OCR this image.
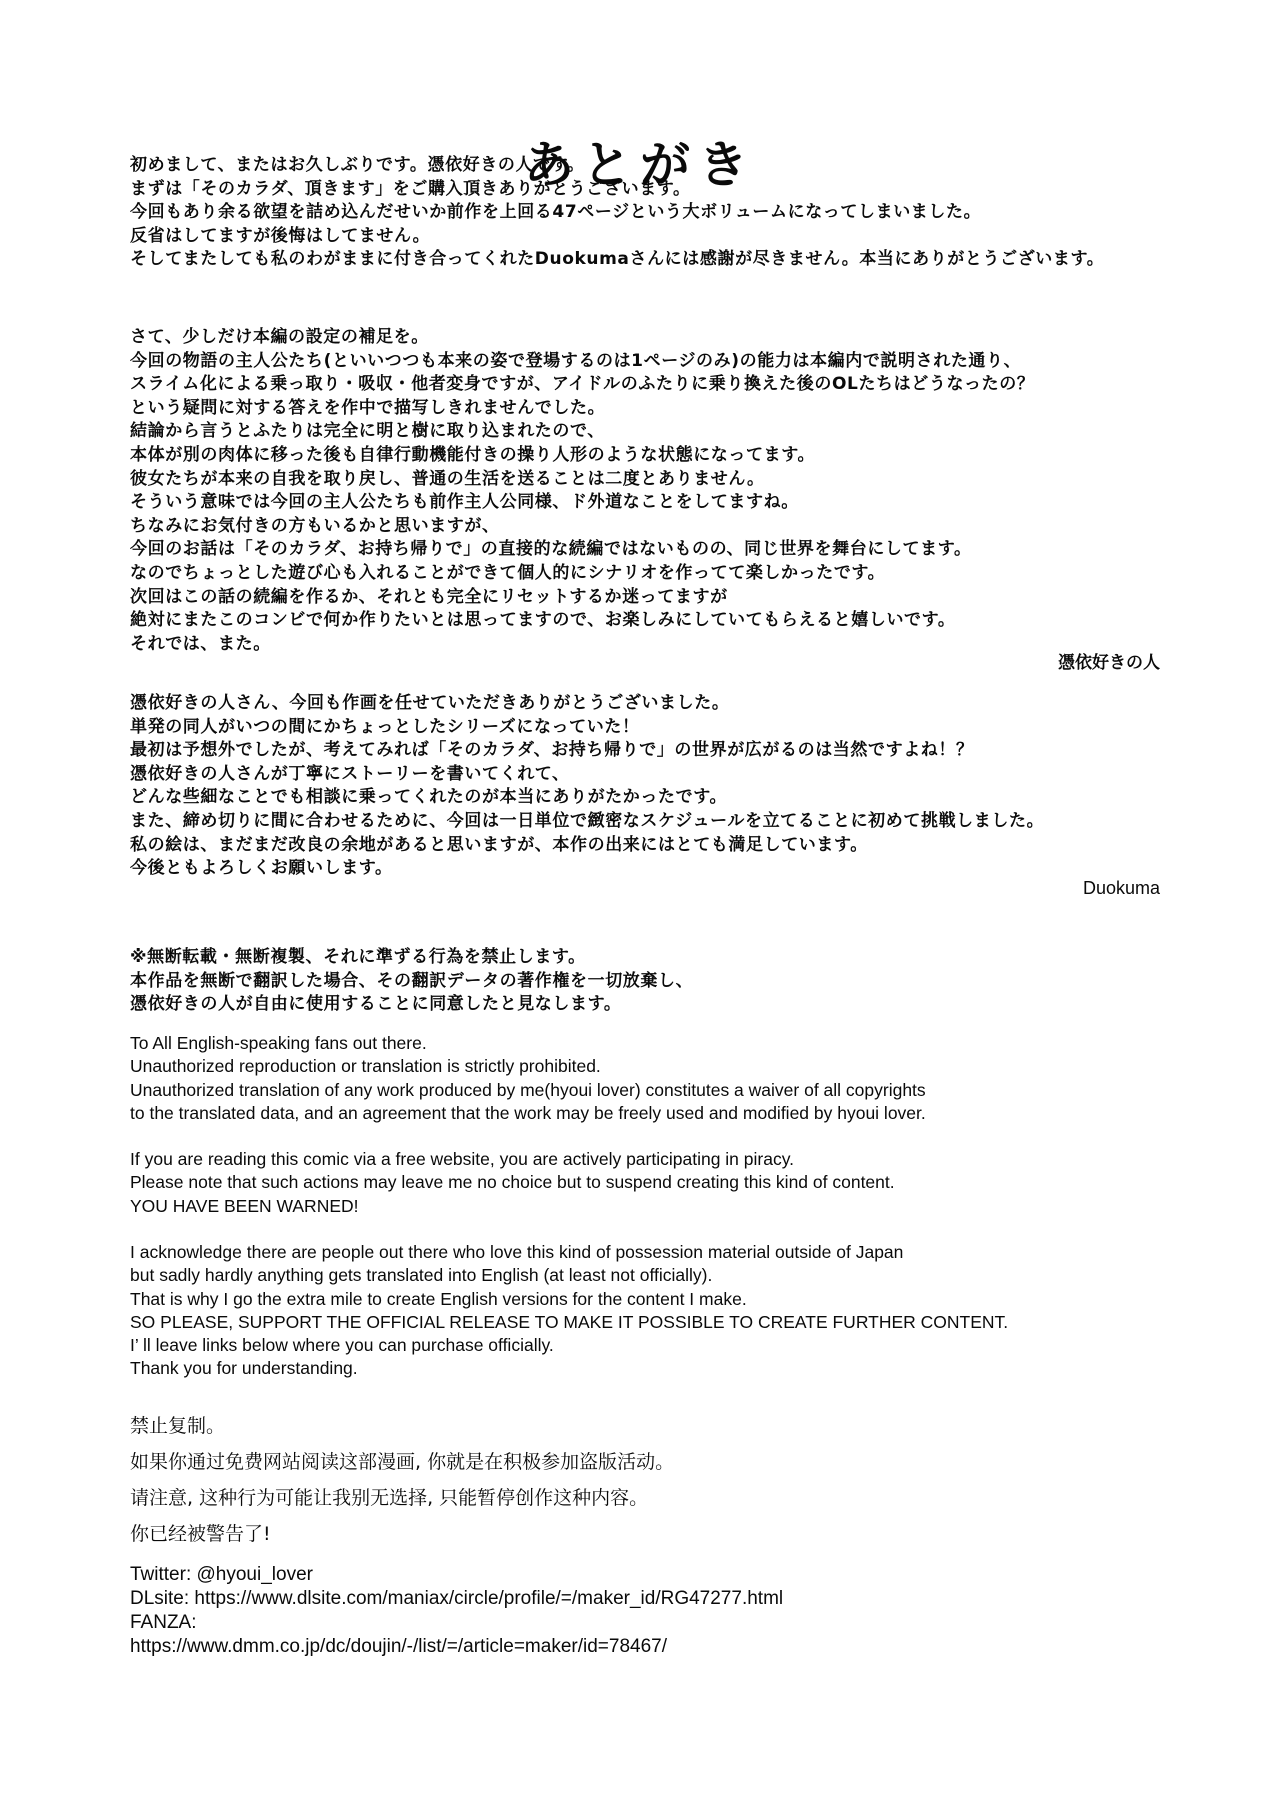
あとがき
初めまして、またはお久しぶりです。憑依好きの人です。
まずは「そのカラダ、頂きます」をご購入頂きありがとうございます。
今回もあり余る欲望を詰め込んだせいか前作を上回る47ページという大ボリュームになってしまいました。
反省はしてますが後悔はしてません。
そしてまたしても私のわがままに付き合ってくれたDuokumaさんには感謝が尽きません。本当にありがとうございます。
さて、少しだけ本編の設定の補足を。
今回の物語の主人公たち(といいつつも本来の姿で登場するのは1ページのみ)の能力は本編内で説明された通り、
スライム化による乗っ取り・吸収・他者変身ですが、アイドルのふたりに乗り換えた後のOLたちはどうなったの？
という疑問に対する答えを作中で描写しきれませんでした。
結論から言うとふたりは完全に明と樹に取り込まれたので、
本体が別の肉体に移った後も自律行動機能付きの操り人形のような状態になってます。
彼女たちが本来の自我を取り戻し、普通の生活を送ることは二度とありません。
そういう意味では今回の主人公たちも前作主人公同様、ド外道なことをしてますね。
ちなみにお気付きの方もいるかと思いますが、
今回のお話は「そのカラダ、お持ち帰りで」の直接的な続編ではないものの、同じ世界を舞台にしてます。
なのでちょっとした遊び心も入れることができて個人的にシナリオを作ってて楽しかったです。
次回はこの話の続編を作るか、それとも完全にリセットするか迷ってますが
絶対にまたこのコンビで何か作りたいとは思ってますので、お楽しみにしていてもらえると嬉しいです。
それでは、また。
憑依好きの人
憑依好きの人さん、今回も作画を任せていただきありがとうございました。
単発の同人がいつの間にかちょっとしたシリーズになっていた！
最初は予想外でしたが、考えてみれば「そのカラダ、お持ち帰りで」の世界が広がるのは当然ですよね！？
憑依好きの人さんが丁寧にストーリーを書いてくれて、
どんな些細なことでも相談に乗ってくれたのが本当にありがたかったです。
また、締め切りに間に合わせるために、今回は一日単位で緻密なスケジュールを立てることに初めて挑戦しました。
私の絵は、まだまだ改良の余地があると思いますが、本作の出来にはとても満足しています。
今後ともよろしくお願いします。
Duokuma
※無断転載・無断複製、それに準ずる行為を禁止します。
本作品を無断で翻訳した場合、その翻訳データの著作権を一切放棄し、
憑依好きの人が自由に使用することに同意したと見なします。
To All English-speaking fans out there.
Unauthorized reproduction or translation is strictly prohibited.
Unauthorized translation of any work produced by me(hyoui lover) constitutes a waiver of all copyrights
to the translated data, and an agreement that the work may be freely used and modified by hyoui lover.
If you are reading this comic via a free website, you are actively participating in piracy.
Please note that such actions may leave me no choice but to suspend creating this kind of content.
YOU HAVE BEEN WARNED!
I acknowledge there are people out there who love this kind of possession material outside of Japan
but sadly hardly anything gets translated into English (at least not officially).
That is why I go the extra mile to create English versions for the content I make.
SO PLEASE, SUPPORT THE OFFICIAL RELEASE TO MAKE IT POSSIBLE TO CREATE FURTHER CONTENT.
I’ ll leave links below where you can purchase officially.
Thank you for understanding.
禁止复制。
如果你通过免费网站阅读这部漫画, 你就是在积极参加盗版活动。
请注意, 这种行为可能让我别无选择, 只能暂停创作这种内容。
你已经被警告了!
Twitter: @hyoui_lover
DLsite: https://www.dlsite.com/maniax/circle/profile/=/maker_id/RG47277.html
FANZA:
https://www.dmm.co.jp/dc/doujin/-/list/=/article=maker/id=78467/
